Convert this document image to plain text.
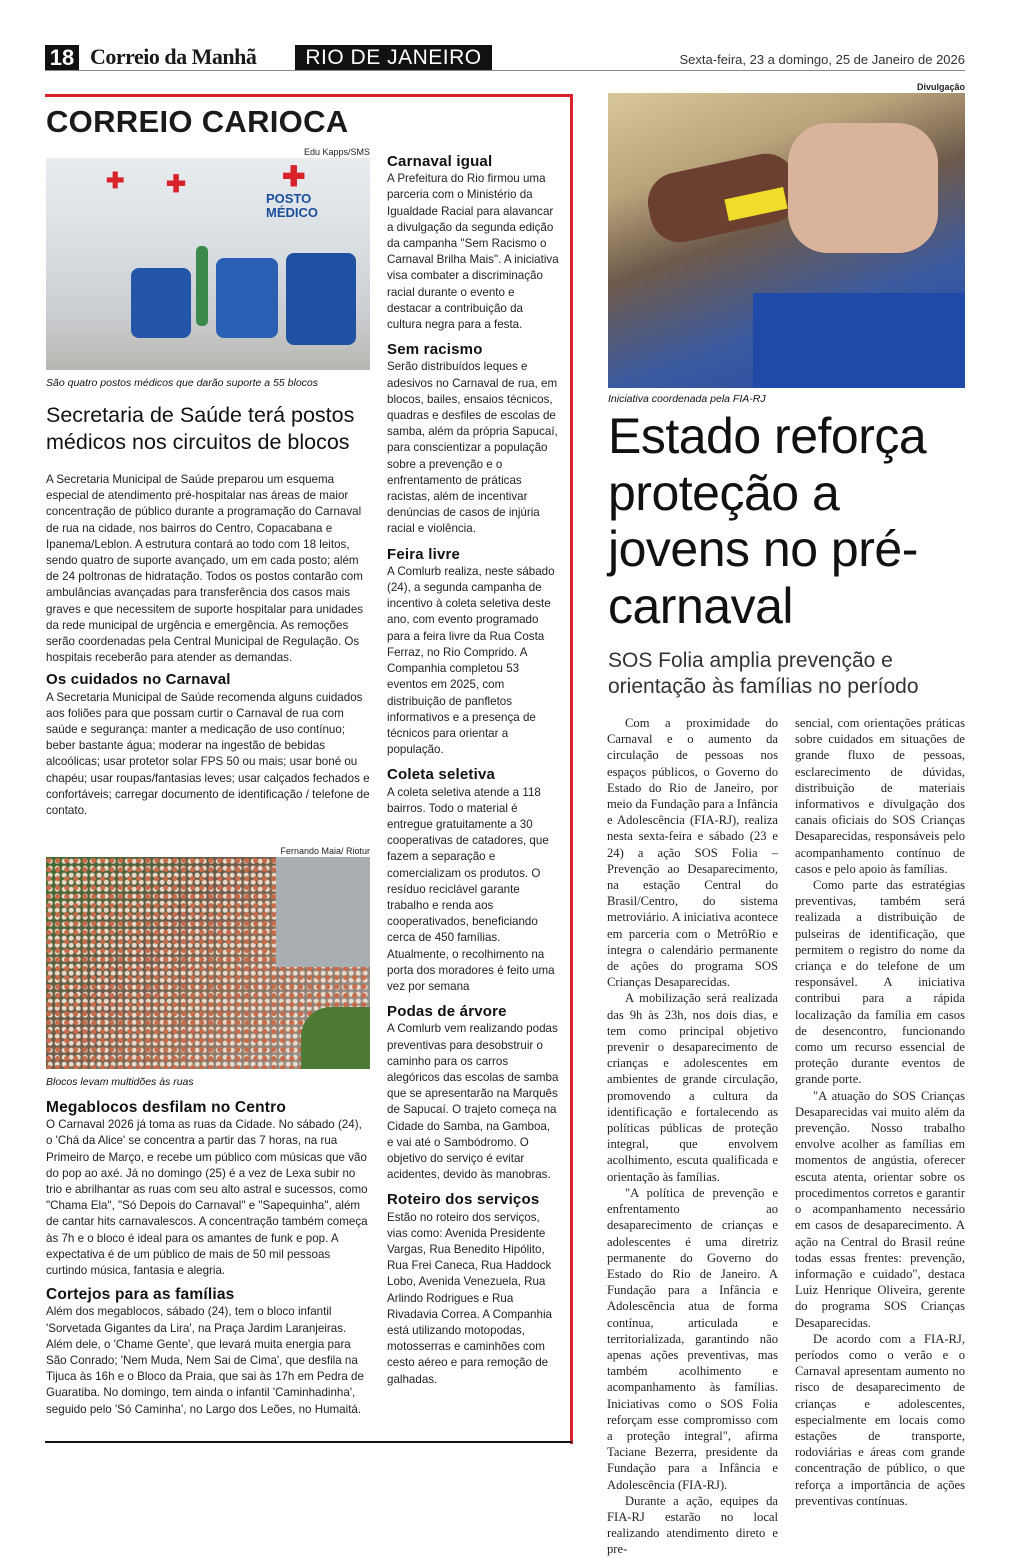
18 Correio da Manhã	RIO DE JANEIRO	Sexta-feira, 23 a domingo, 25 de Janeiro de 2026
CORREIO CARIOCA
Edu Kapps/SMS
✚ ✚	✚
POSTO MÉDICO
São quatro postos médicos que darão suporte a 55 blocos
Secretaria de Saúde terá postos médicos nos circuitos de blocos

A Secretaria Municipal de Saúde preparou um esquema especial de atendimento pré-hospitalar nas áreas de maior concentração de público durante a programação do Carnaval de rua na cidade, nos bairros do Centro, Copacabana e Ipanema/Leblon. A estrutura contará ao todo com 18 leitos, sendo quatro de suporte avançado, um em cada posto; além de 24 poltronas de hidratação. Todos os postos contarão com ambulâncias avançadas para transferência dos casos mais graves e que necessitem de suporte hospitalar para unidades da rede municipal de urgência e emergência. As remoções serão coordenadas pela Central Municipal de Regulação. Os hospitais receberão para atender as demandas.

Os cuidados no Carnaval

A Secretaria Municipal de Saúde recomenda alguns cuidados aos foliões para que possam curtir o Carnaval de rua com saúde e segurança: manter a medicação de uso contínuo; beber bastante água; moderar na ingestão de bebidas alcoólicas; usar protetor solar FPS 50 ou mais; usar boné ou chapéu; usar roupas/fantasias leves; usar calçados fechados e confortáveis; carregar documento de identificação / telefone de contato.

Fernando Maia/ Riotur
Blocos levam multidões às ruas
Megablocos desfilam no Centro

O Carnaval 2026 já toma as ruas da Cidade. No sábado (24), o 'Chá da Alice' se concentra a partir das 7 horas, na rua Primeiro de Março, e recebe um público com músicas que vão do pop ao axé. Já no domingo (25) é a vez de Lexa subir no trio e abrilhantar as ruas com seu alto astral e sucessos, como "Chama Ela", "Só Depois do Carnaval" e "Sapequinha", além de cantar hits carnavalescos. A concentração também começa às 7h e o bloco é ideal para os amantes de funk e pop. A expectativa é de um público de mais de 50 mil pessoas curtindo música, fantasia e alegria.

Cortejos para as famílias

Além dos megablocos, sábado (24), tem o bloco infantil 'Sorvetada Gigantes da Lira', na Praça Jardim Laranjeiras. Além dele, o 'Chame Gente', que levará muita energia para São Conrado; 'Nem Muda, Nem Sai de Cima', que desfila na Tijuca às 16h e o Bloco da Praia, que sai às 17h em Pedra de Guaratiba. No domingo, tem ainda o infantil 'Caminhadinha', seguido pelo 'Só Caminha', no Largo dos Leões, no Humaitá.

Carnaval igual

A Prefeitura do Rio firmou uma parceria com o Ministério da Igualdade Racial para alavancar a divulgação da segunda edição da campanha "Sem Racismo o Carnaval Brilha Mais". A iniciativa visa combater a discriminação racial durante o evento e destacar a contribuição da cultura negra para a festa.

Sem racismo

Serão distribuídos leques e adesivos no Carnaval de rua, em blocos, bailes, ensaios técnicos, quadras e desfiles de escolas de samba, além da própria Sapucaí, para conscientizar a população sobre a prevenção e o enfrentamento de práticas racistas, além de incentivar denúncias de casos de injúria racial e violência.

Feira livre

A Comlurb realiza, neste sábado (24), a segunda campanha de incentivo à coleta seletiva deste ano, com evento programado para a feira livre da Rua Costa Ferraz, no Rio Comprido. A Companhia completou 53 eventos em 2025, com distribuição de panfletos informativos e a presença de técnicos para orientar a população.

Coleta seletiva

A coleta seletiva atende a 118 bairros. Todo o material é entregue gratuitamente a 30 cooperativas de catadores, que fazem a separação e comercializam os produtos. O resíduo reciclável garante trabalho e renda aos cooperativados, beneficiando cerca de 450 famílias. Atualmente, o recolhimento na porta dos moradores é feito uma vez por semana

Podas de árvore

A Comlurb vem realizando podas preventivas para desobstruir o caminho para os carros alegóricos das escolas de samba que se apresentarão na Marquês de Sapucaí. O trajeto começa na Cidade do Samba, na Gamboa, e vai até o Sambódromo. O objetivo do serviço é evitar acidentes, devido às manobras.

Roteiro dos serviços

Estão no roteiro dos serviços, vias como: Avenida Presidente Vargas, Rua Benedito Hipólito, Rua Frei Caneca, Rua Haddock Lobo, Avenida Venezuela, Rua Arlindo Rodrigues e Rua Rivadavia Correa. A Companhia está utilizando motopodas, motosserras e caminhões com cesto aéreo e para remoção de galhadas.

Divulgação
Iniciativa coordenada pela FIA-RJ
Estado reforça proteção a jovens no pré-carnaval
SOS Folia amplia prevenção e orientação às famílias no período

Com a proximidade do Carnaval e o aumento da circulação de pessoas nos espaços públicos, o Governo do Estado do Rio de Janeiro, por meio da Fundação para a Infância e Adolescência (FIA-RJ), realiza nesta sexta-feira e sábado (23 e 24) a ação SOS Folia – Prevenção ao Desaparecimento, na estação Central do Brasil/Centro, do sistema metroviário. A iniciativa acontece em parceria com o MetrôRio e integra o calendário permanente de ações do programa SOS Crianças Desaparecidas.

A mobilização será realizada das 9h às 23h, nos dois dias, e tem como principal objetivo prevenir o desaparecimento de crianças e adolescentes em ambientes de grande circulação, promovendo a cultura da identificação e fortalecendo as políticas públicas de proteção integral, que envolvem acolhimento, escuta qualificada e orientação às famílias.

"A política de prevenção e enfrentamento ao desaparecimento de crianças e adolescentes é uma diretriz permanente do Governo do Estado do Rio de Janeiro. A Fundação para a Infância e Adolescência atua de forma contínua, articulada e territorializada, garantindo não apenas ações preventivas, mas também acolhimento e acompanhamento às famílias. Iniciativas como o SOS Folia reforçam esse compromisso com a proteção integral", afirma Taciane Bezerra, presidente da Fundação para a Infância e Adolescência (FIA-RJ).

Durante a ação, equipes da FIA-RJ estarão no local realizando atendimento direto e pre-

sencial, com orientações práticas sobre cuidados em situações de grande fluxo de pessoas, esclarecimento de dúvidas, distribuição de materiais informativos e divulgação dos canais oficiais do SOS Crianças Desaparecidas, responsáveis pelo acompanhamento contínuo de casos e pelo apoio às famílias.

Como parte das estratégias preventivas, também será realizada a distribuição de pulseiras de identificação, que permitem o registro do nome da criança e do telefone de um responsável. A iniciativa contribui para a rápida localização da família em casos de desencontro, funcionando como um recurso essencial de proteção durante eventos de grande porte.

"A atuação do SOS Crianças Desaparecidas vai muito além da prevenção. Nosso trabalho envolve acolher as famílias em momentos de angústia, oferecer escuta atenta, orientar sobre os procedimentos corretos e garantir o acompanhamento necessário em casos de desaparecimento. A ação na Central do Brasil reúne todas essas frentes: prevenção, informação e cuidado", destaca Luiz Henrique Oliveira, gerente do programa SOS Crianças Desaparecidas.

De acordo com a FIA-RJ, períodos como o verão e o Carnaval apresentam aumento no risco de desaparecimento de crianças e adolescentes, especialmente em locais como estações de transporte, rodoviárias e áreas com grande concentração de público, o que reforça a importância de ações preventivas contínuas.
